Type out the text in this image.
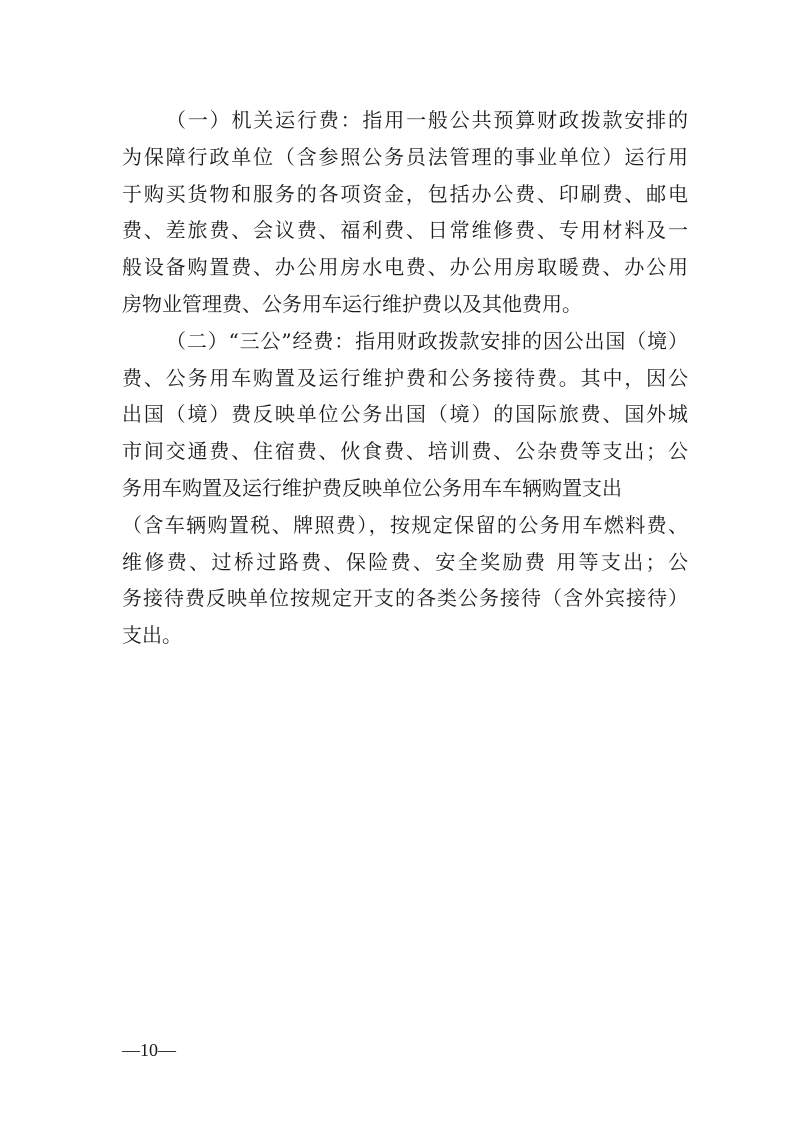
（一）机关运行费：指用一般公共预算财政拨款安排的
为保障行政单位（含参照公务员法管理的事业单位）运行用
于购买货物和服务的各项资金，包括办公费、印刷费、邮电
费、差旅费、会议费、福利费、日常维修费、专用材料及一
般设备购置费、办公用房水电费、办公用房取暖费、办公用
房物业管理费、公务用车运行维护费以及其他费用。
（二）“三公”经费：指用财政拨款安排的因公出国（境）
费、公务用车购置及运行维护费和公务接待费。其中，因公
出国（境）费反映单位公务出国（境）的国际旅费、国外城
市间交通费、住宿费、伙食费、培训费、公杂费等支出；公
务用车购置及运行维护费反映单位公务用车车辆购置支出
（含车辆购置税、牌照费），按规定保留的公务用车燃料费、
维修费、过桥过路费、保险费、安全奖励费 用等支出；公
务接待费反映单位按规定开支的各类公务接待（含外宾接待）
支出。
—10—
